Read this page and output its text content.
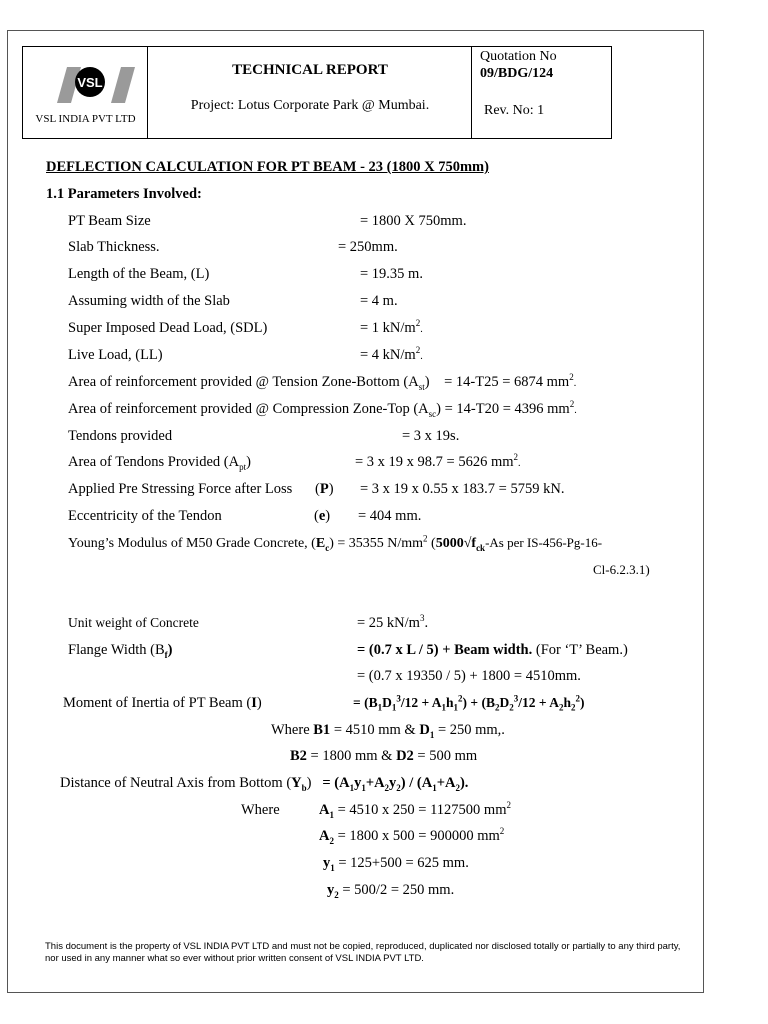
VSL
VSL INDIA PVT LTD
TECHNICAL REPORT
Project: Lotus Corporate Park @ Mumbai.
Quotation No
09/BDG/124
Rev. No: 1
DEFLECTION CALCULATION FOR PT BEAM - 23 (1800 X 750mm)
1.1 Parameters Involved:
PT Beam Size	= 1800 X 750mm.
Slab Thickness.	= 250mm.
Length of the Beam, (L)	= 19.35 m.
Assuming width of the Slab	= 4 m.
Super Imposed Dead Load, (SDL)	= 1 $kN/m^2$.
Live Load, (LL)	= 4 $kN/m^2$.
Area of reinforcement provided @ Tension Zone-Bottom $(A_{st})$    = 14-T25 = 6874 $mm^2$.
Area of reinforcement provided @ Compression Zone-Top $(A_{sc}) = 14-T20 = 4396$ $mm^2$.
Tendons provided	= 3 x 19s.
Area of Tendons Provided $(A_{pt})$	= 3 x 19 x 98.7 = 5626 $mm^2$.
Applied Pre Stressing Force after Loss (P) = 3 x 19 x 0.55 x 183.7 = 5759 kN.
Eccentricity of the Tendon	(e) = 404 mm.
Young’s Modulus of M50 Grade Concrete, $(E_c) = 35355$ $N/mm^2$ ($5000√f_{ck}-As$ per IS-456-Pg-16-
Cl-6.2.3.1)
Unit weight of Concrete	= 25 $kN/m^3$.
Flange Width $(B_f)$	= (0.7 x L / 5) + Beam width. (For ‘T’ Beam.)
= (0.7 x 19350 / 5) + 1800 = 4510mm.
Moment of Inertia of PT Beam (I)	= $(B_1D_1^3/12 + A_1h_1^2) + (B_2D_2^3/12 + A_2h_2^2)$
Where B1 = 4510 mm & $D_1 = 250$ mm,.
B2 = 1800 mm & D2 = 500 mm
Distance of Neutral Axis from Bottom $(Y_b) = (A_1y_1+A_2y_2) / (A_1+A_2)$.
Where	$A_1 = 4510$ x 250 = 1127500 $mm^2$
$A_2 = 1800$ x 500 = 900000 $mm^2$
$y_1 = 125+500 = 625$ mm.
$y_2 = 500/2 = 250$ mm.
This document is the property of VSL INDIA PVT LTD and must not be copied, reproduced, duplicated nor disclosed totally or partially to any third party, nor used in any manner what so ever without prior written consent of VSL INDIA PVT LTD.
